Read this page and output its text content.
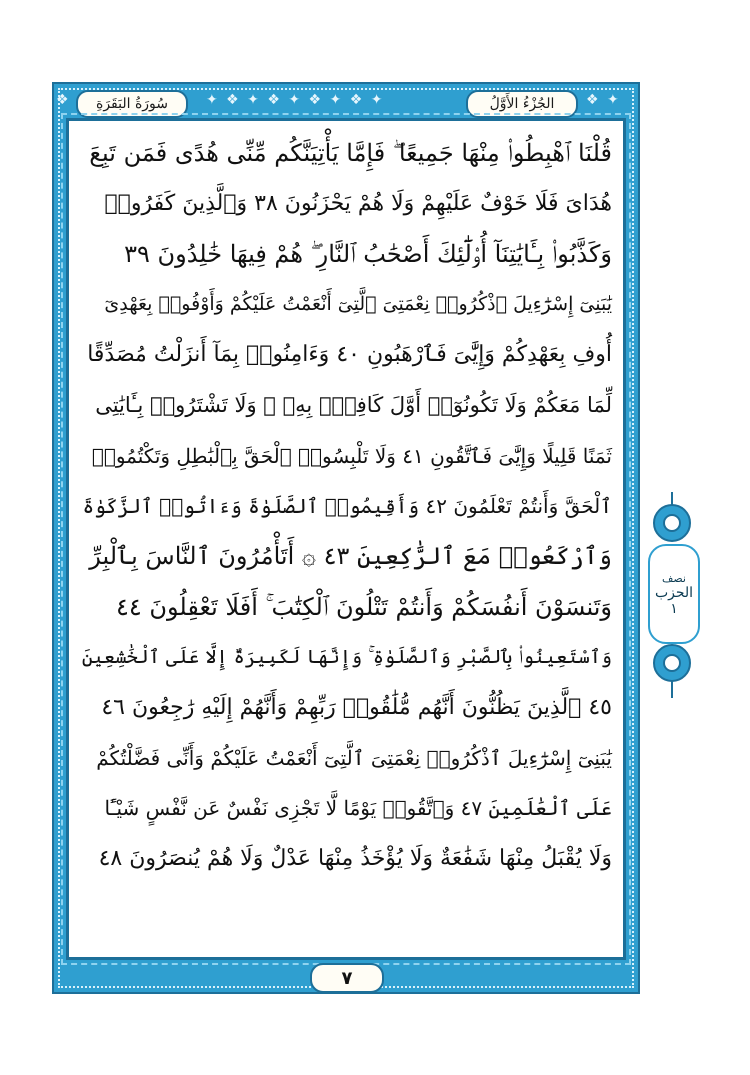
✦ ❖ ✦ ❖ ✦ ❖ ✦ ❖ ✦	❖ ✦
❖	الجُزْءُ الأَوَّلُ
سُورَةُ البَقَرَةِ
قُلْنَا ٱهْبِطُوا۟ مِنْهَا جَمِيعًا ۖ فَإِمَّا يَأْتِيَنَّكُم مِّنِّى هُدًى فَمَن تَبِعَ
هُدَاىَ فَلَا خَوْفٌ عَلَيْهِمْ وَلَا هُمْ يَحْزَنُونَ ٣٨ وَٱلَّذِينَ كَفَرُوا۟
وَكَذَّبُوا۟ بِـَٔايَٰتِنَآ أُو۟لَٰٓئِكَ أَصْحَٰبُ ٱلنَّارِ ۖ هُمْ فِيهَا خَٰلِدُونَ ٣٩
يَٰبَنِىٓ إِسْرَٰٓءِيلَ ٱذْكُرُوا۟ نِعْمَتِىَ ٱلَّتِىٓ أَنْعَمْتُ عَلَيْكُمْ وَأَوْفُوا۟ بِعَهْدِىٓ
أُوفِ بِعَهْدِكُمْ وَإِيَّٰىَ فَٱرْهَبُونِ ٤٠ وَءَامِنُوا۟ بِمَآ أَنزَلْتُ مُصَدِّقًا
لِّمَا مَعَكُمْ وَلَا تَكُونُوٓا۟ أَوَّلَ كَافِرٍۭ بِهِۦ ۖ وَلَا تَشْتَرُوا۟ بِـَٔايَٰتِى
ثَمَنًا قَلِيلًا وَإِيَّٰىَ فَٱتَّقُونِ ٤١ وَلَا تَلْبِسُوا۟ ٱلْحَقَّ بِٱلْبَٰطِلِ وَتَكْتُمُوا۟
ٱلْحَقَّ وَأَنتُمْ تَعْلَمُونَ ٤٢ وَأَقِيمُوا۟ ٱلصَّلَوٰةَ وَءَاتُوا۟ ٱلزَّكَوٰةَ
وَٱرْكَعُوا۟ مَعَ ٱلرَّٰكِعِينَ ٤٣ ۞ أَتَأْمُرُونَ ٱلنَّاسَ بِٱلْبِرِّ
وَتَنسَوْنَ أَنفُسَكُمْ وَأَنتُمْ تَتْلُونَ ٱلْكِتَٰبَ ۚ أَفَلَا تَعْقِلُونَ ٤٤
وَٱسْتَعِينُوا۟ بِٱلصَّبْرِ وَٱلصَّلَوٰةِ ۚ وَإِنَّهَا لَكَبِيرَةٌ إِلَّا عَلَى ٱلْخَٰشِعِينَ
٤٥ ٱلَّذِينَ يَظُنُّونَ أَنَّهُم مُّلَٰقُوا۟ رَبِّهِمْ وَأَنَّهُمْ إِلَيْهِ رَٰجِعُونَ ٤٦
يَٰبَنِىٓ إِسْرَٰٓءِيلَ ٱذْكُرُوا۟ نِعْمَتِىَ ٱلَّتِىٓ أَنْعَمْتُ عَلَيْكُمْ وَأَنِّى فَضَّلْتُكُمْ
عَلَى ٱلْعَٰلَمِينَ ٤٧ وَٱتَّقُوا۟ يَوْمًا لَّا تَجْزِى نَفْسٌ عَن نَّفْسٍ شَيْـًٔا
وَلَا يُقْبَلُ مِنْهَا شَفَٰعَةٌ وَلَا يُؤْخَذُ مِنْهَا عَدْلٌ وَلَا هُمْ يُنصَرُونَ ٤٨
٧
نصف
الحزب
١
